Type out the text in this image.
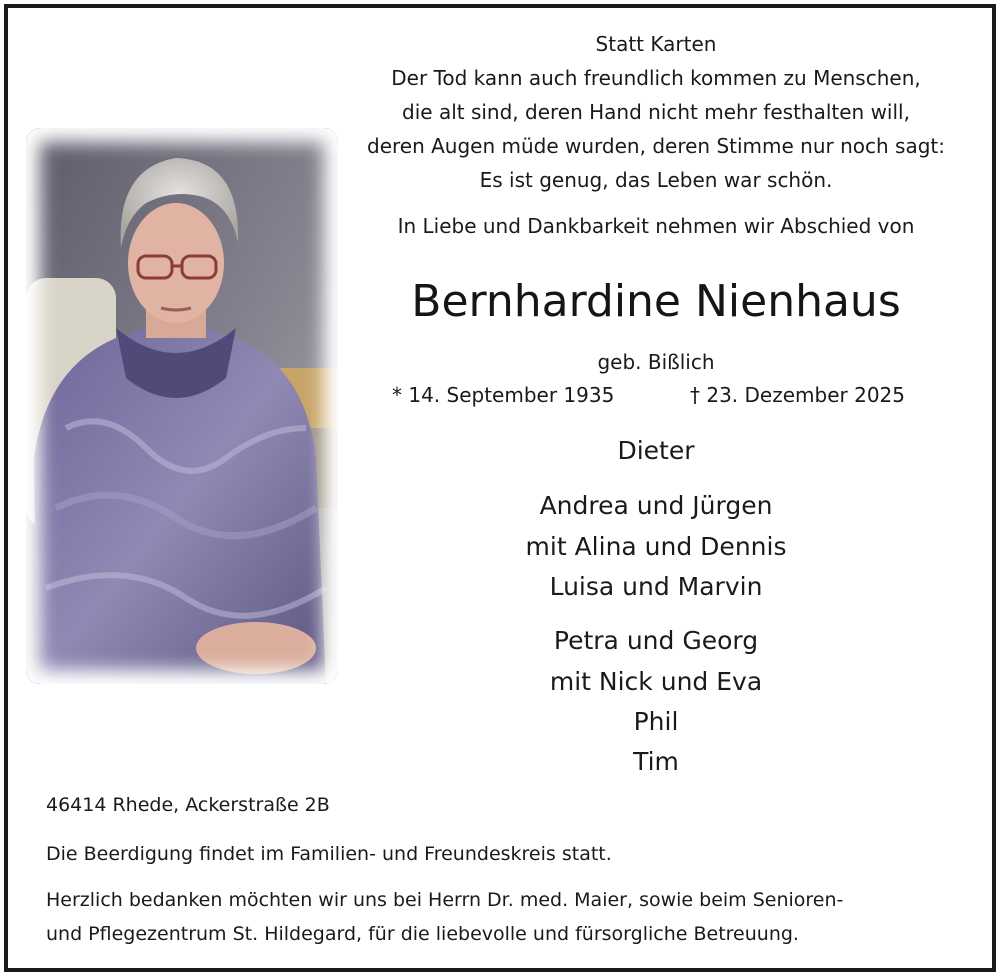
Statt Karten
Der Tod kann auch freundlich kommen zu Menschen,
die alt sind, deren Hand nicht mehr festhalten will,
deren Augen müde wurden, deren Stimme nur noch sagt:
Es ist genug, das Leben war schön.
In Liebe und Dankbarkeit nehmen wir Abschied von
Bernhardine Nienhaus
geb. Bißlich
* 14. September 1935	† 23. Dezember 2025
Dieter
Andrea und Jürgen
mit Alina und Dennis
Luisa und Marvin
Petra und Georg
mit Nick und Eva
Phil
Tim
46414 Rhede, Ackerstraße 2B
Die Beerdigung findet im Familien- und Freundeskreis statt.
Herzlich bedanken möchten wir uns bei Herrn Dr. med. Maier, sowie beim Senioren-
und Pflegezentrum St. Hildegard, für die liebevolle und fürsorgliche Betreuung.
